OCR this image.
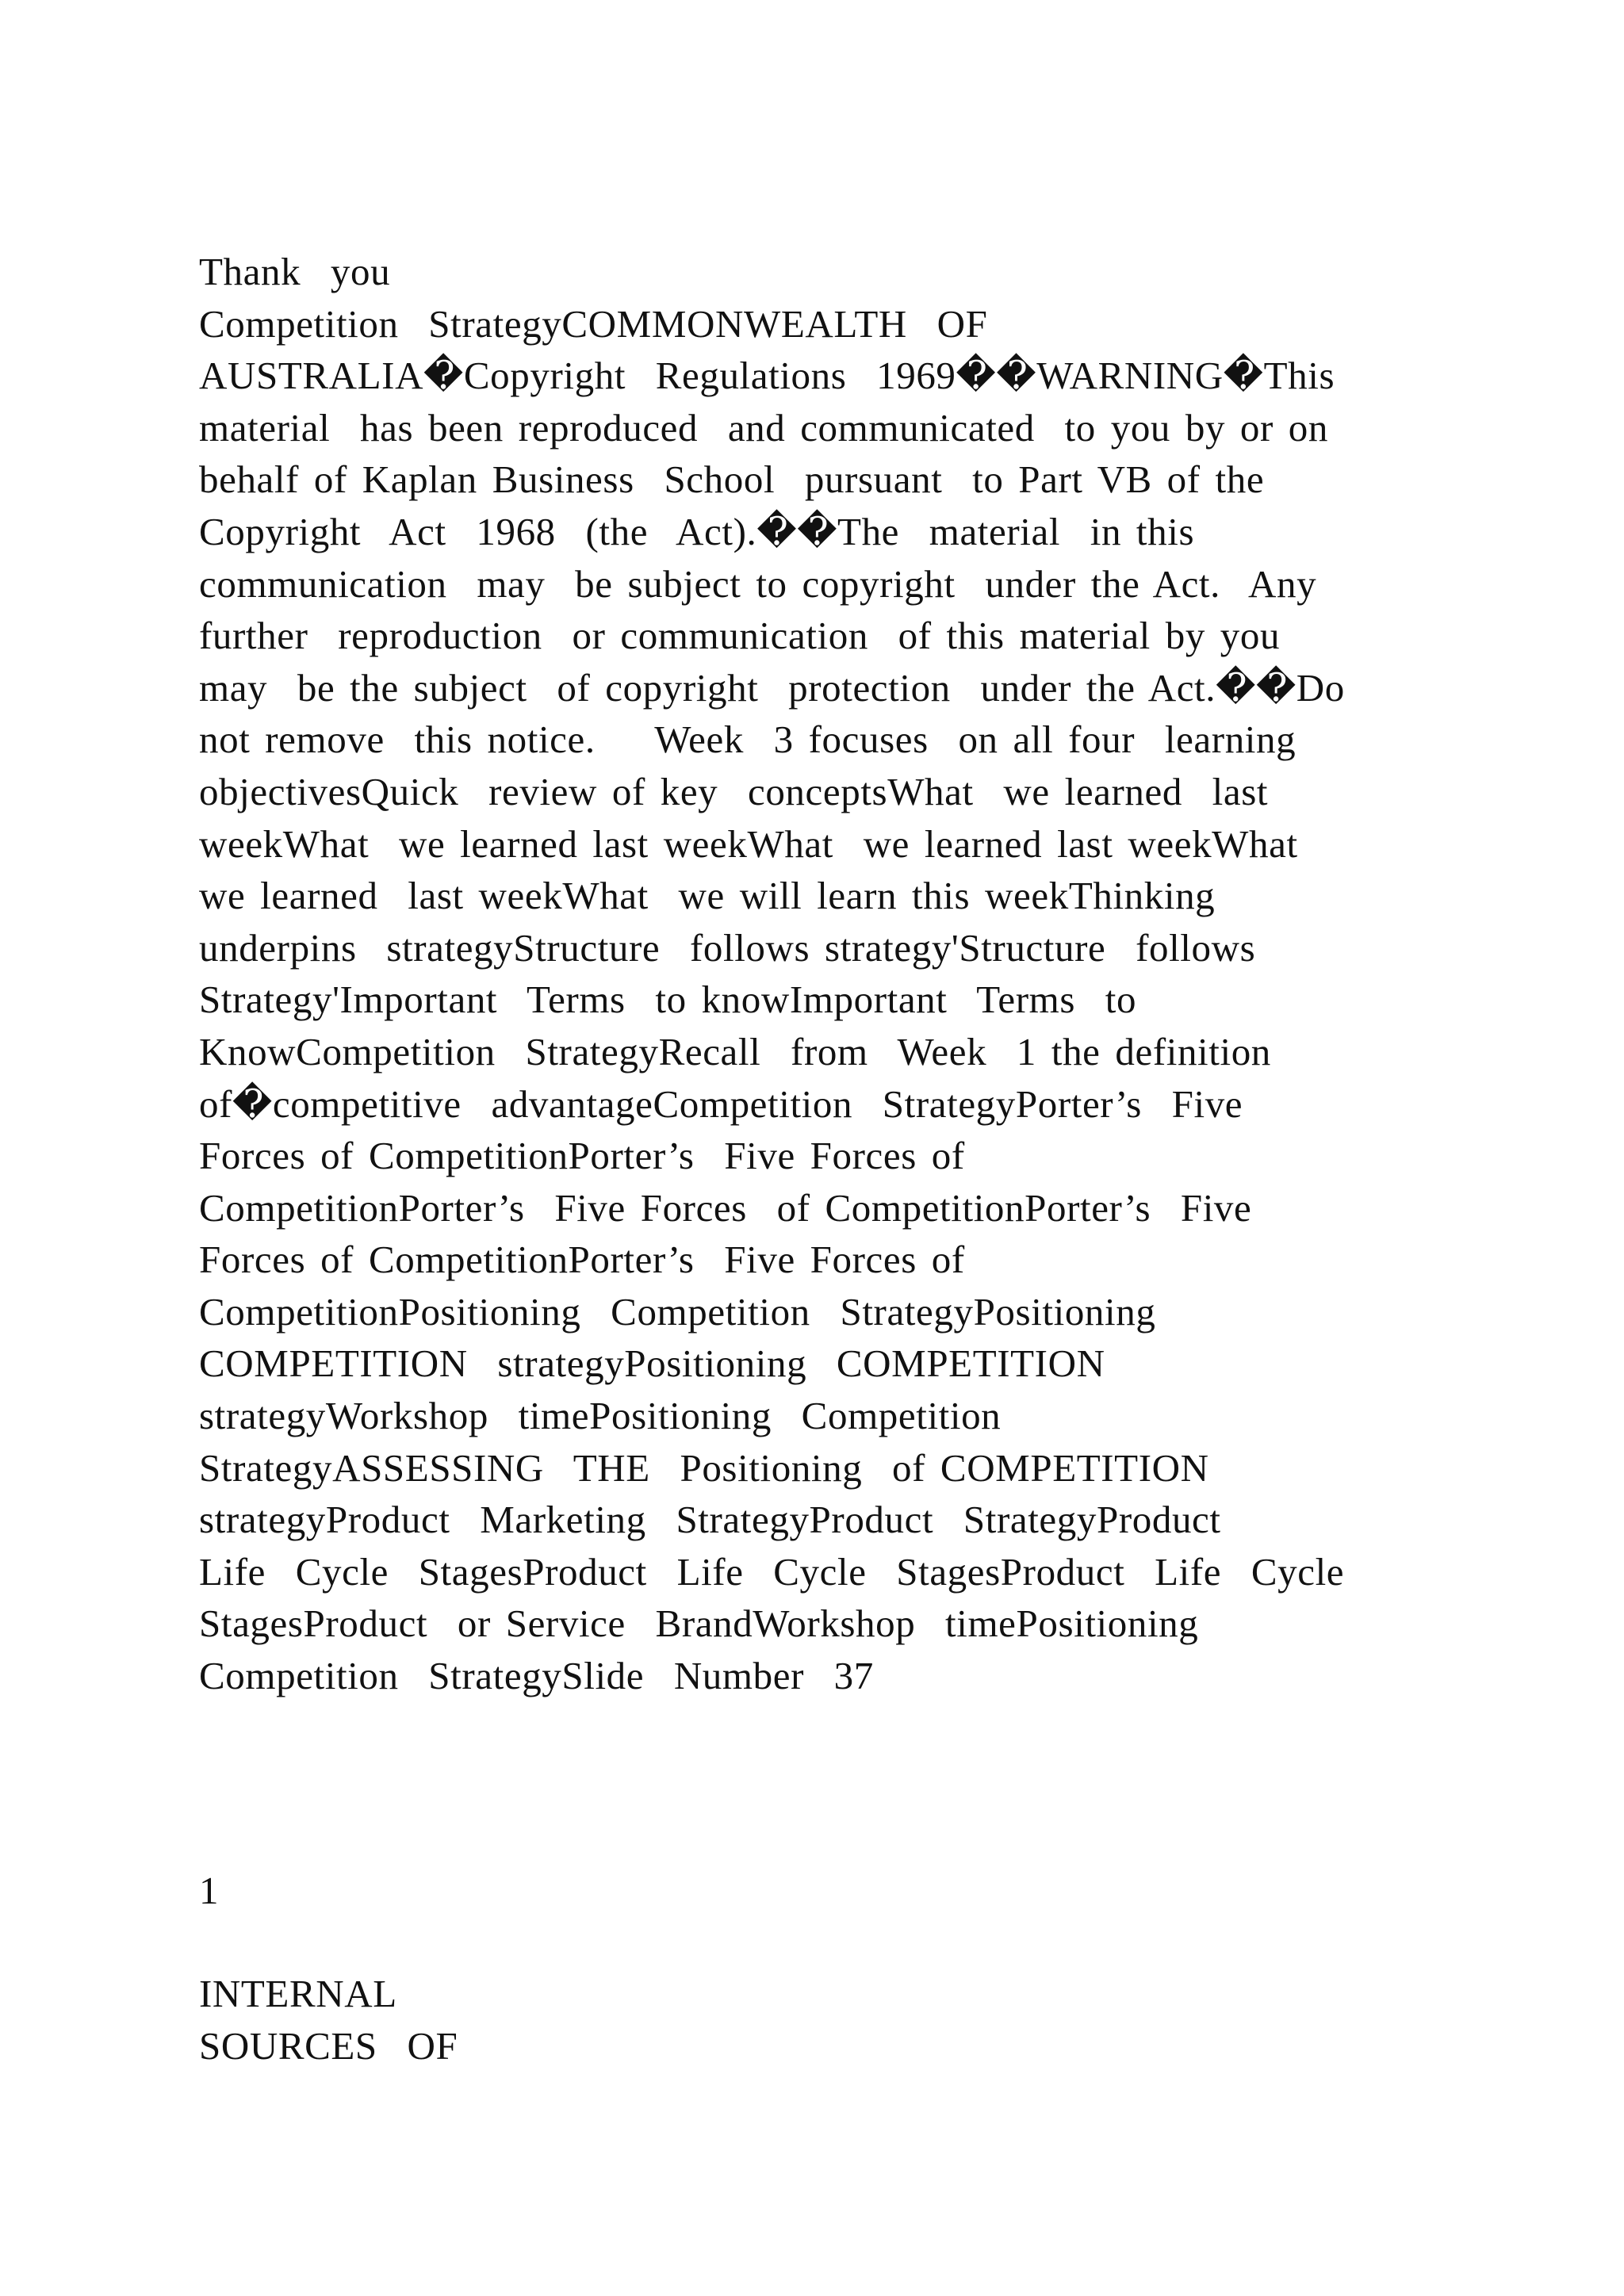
Thank  you
Competition  StrategyCOMMONWEALTH  OF
AUSTRALIA�Copyright  Regulations  1969��WARNING�This
material  has been reproduced  and communicated  to you by or on
behalf of Kaplan Business  School  pursuant  to Part VB of the
Copyright  Act  1968  (the  Act).��The  material  in this
communication  may  be subject to copyright  under the Act.  Any
further  reproduction  or communication  of this material by you
may  be the subject  of copyright  protection  under the Act.��Do
not remove  this notice.    Week  3 focuses  on all four  learning
objectivesQuick  review of key  conceptsWhat  we learned  last
weekWhat  we learned last weekWhat  we learned last weekWhat
we learned  last weekWhat  we will learn this weekThinking
underpins  strategyStructure  follows strategy'Structure  follows
Strategy'Important  Terms  to knowImportant  Terms  to
KnowCompetition  StrategyRecall  from  Week  1 the definition
of�competitive  advantageCompetition  StrategyPorter’s  Five
Forces of CompetitionPorter’s  Five Forces of
CompetitionPorter’s  Five Forces  of CompetitionPorter’s  Five
Forces of CompetitionPorter’s  Five Forces of
CompetitionPositioning  Competition  StrategyPositioning
COMPETITION  strategyPositioning  COMPETITION
strategyWorkshop  timePositioning  Competition
StrategyASSESSING  THE  Positioning  of COMPETITION
strategyProduct  Marketing  StrategyProduct  StrategyProduct
Life  Cycle  StagesProduct  Life  Cycle  StagesProduct  Life  Cycle
StagesProduct  or Service  BrandWorkshop  timePositioning
Competition  StrategySlide  Number  37
1
INTERNAL
SOURCES  OF
